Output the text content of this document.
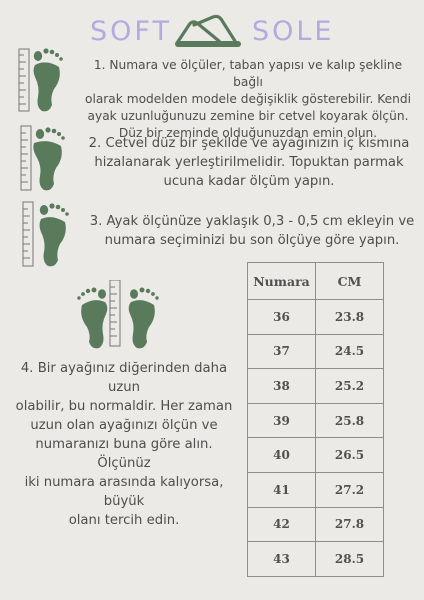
SOFT	SOLE
1. Numara ve ölçüler, taban yapısı ve kalıp şekline bağlı
olarak modelden modele değişiklik gösterebilir. Kendi
ayak uzunluğunuzu zemine bir cetvel koyarak ölçün.
Düz bir zeminde olduğunuzdan emin olun.
2. Cetvel düz bir şekilde ve ayağınızın iç kısmına
hizalanarak yerleştirilmelidir. Topuktan parmak
ucuna kadar ölçüm yapın.
3. Ayak ölçünüze yaklaşık 0,3 - 0,5 cm ekleyin ve
numara seçiminizi bu son ölçüye göre yapın.
4. Bir ayağınız diğerinden daha uzun
olabilir, bu normaldir. Her zaman
uzun olan ayağınızı ölçün ve
numaranızı buna göre alın. Ölçünüz
iki numara arasında kalıyorsa, büyük
olanı tercih edin.
Numara	CM
36	23.8
37	24.5
38	25.2
39	25.8
40	26.5
41	27.2
42	27.8
43	28.5
